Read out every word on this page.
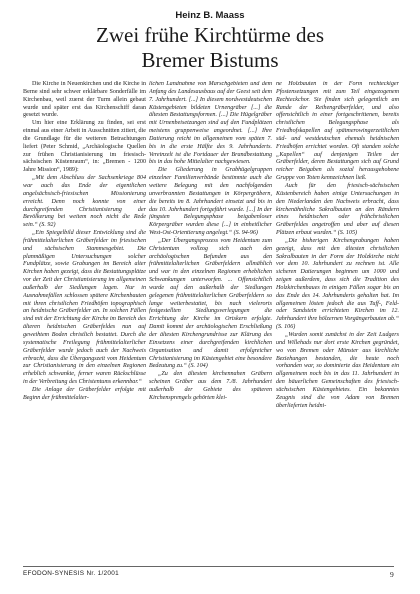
Heinz B. Maass
Zwei frühe Kirchtürme des
Bremer Bistums

Die Kirche in Neuenkirchen und die Kirche in Berne sind sehr schwer erklärbare Sonderfälle im Kirchenbau, weil zuerst der Turm allein gebaut wurde und später erst das Kirchenschiff daran gesetzt wurde.

Um hier eine Erklärung zu finden, sei erst einmal aus einer Arbeit in Ausschnitten zitiert, die die Grundlage für die weiteren Betrachtungen liefert (Peter Schmid, „Archäologische Quellen zur frühen Christianisierung im friesisch-sächsischen Küstenraum“, in: „Bremen - 1200 Jahre Mission“, 1989):

„Mit dem Abschluss der Sachsenkriege 804 war auch das Ende der eigentlichen angelsächsisch-friesischen Missionierung erreicht. Denn noch konnte von einer durchgreifenden Christianisierung der Bevölkerung bei weitem noch nicht die Rede sein.“ (S. 92)

„Ein Spiegelbild dieser Entwicklung sind die frühmittelalterlichen Gräberfelder im friesischen und sächsischen Stammesgebiet. Die planmäßigen Untersuchungen solcher Fundplätze, sowie Grabungen im Bereich alter Kirchen haben gezeigt, dass die Bestattungsplätze vor der Zeit der Christianisierung im allgemeinen außerhalb der Siedlungen lagen. Nur in Ausnahmefällen schlossen spätere Kirchenbauten mit ihren christlichen Friedhöfen topographisch an heidnische Gräberfelder an. In solchen Fällen sind mit der Errichtung der Kirche im Bereich des älteren heidnischen Gräberfeldes nun auf geweihtem Boden christlich bestattet. Durch die systematische Freilegung frühmittelalterlicher Gräberfelder wurde jedoch auch der Nachweis erbracht, dass die Übergangszeit vom Heidentum zur Christianisierung in den einzelnen Regionen erheblich schwankte, ferner waren Rückschlüsse in der Verbreitung des Christentums erkennbar.“

Die Anlage der Gräberfelder erfolgte mit Beginn der frühmittelalter-

lichen Landnahme von Marschgebieten und dem Anfang des Landesausbaus auf der Geest seit dem 7. Jahrhundert. [...] In diesem nordwestdeutschen Küstengebieten bildeten Urnengräber [...] die ältesten Bestattungsformen. [...] Die Hügelgräber mit Urnenbeisetzungen sind auf den Fundplätzen meistens gruppenweise angeordnet. [...] Ihre Datierung reicht im allgemeinen vom späten 7. bis in die erste Hälfte des 9. Jahrhunderts. Vereinzelt ist die Fortdauer der Brandbestattung bis in das hohe Mittelalter nachgewiesen.

Die Gliederung in Grabhügelgruppen einzelner Familienverbände bestimmte auch die weitere Belegung mit den nachfolgenden unverbrannten Bestattungen in Körpergräbern, die bereits im 8. Jahrhundert einsetzt und bis in das 10. Jahrhundert fortgeführt wurde. [...] In der jüngsten Belegungsphase beigabenloser Körpergräber wurden diese [...] in einheitlicher West-Ost-Orientierung angelegt.“ (S. 94-96)

„Der Übergangsprozess vom Heidentum zum Christentum vollzog sich auch den archäologischen Befunden aus den frühmittelalterlichen Gräberfeldern allmählich und war in den einzelnen Regionen erheblichen Schwankungen unterworfen. ... Offensichtlich wurde auf den außerhalb der Siedlungen gelegenen frühmittelalterlichen Gräberfeldern so lange weiterbestattet, bis nach vielerorts festgestellten Siedlungsverlegungen die Errichtung der Kirche im Ortskern erfolgte. Damit kommt der archäologischen Erschließung der ältesten Kirchengrundrisse zur Klärung des Einsetzens einer durchgreifenden kirchlichen Organisation und damit erfolgreicher Christianisierung im Küstengebiet eine besondere Bedeutung zu.“ (S. 104)

„Zu den ältesten kirchennahen Gräbern scheinen Gräber aus dem 7./8. Jahrhundert außerhalb der Gebiete des späteren Kirchensprengels gehörten klei-

ne Holzbauten in der Form rechteckiger Pfostensetzungen mit zum Teil eingezogenem Rechteckchor. Sie finden sich gelegentlich am Rande der Reihengräberfelder, und also offensichtlich in einer fortgeschrittenen, bereits christlichen Belegungsphase als Friedhofskapellen auf spätmerowingerzeitlichen süd- und westdeutschen ehemals heidnischen Friedhöfen errichtet worden. Oft standen solche „Kapellen“ auf denjenigen Teilen der Gräberfelder, deren Bestattungen sich auf Grund reicher Beigaben als sozial herausgehobene Gruppe von Toten kennzeichnen ließ.

Auch für den friesisch-sächsischen Küstenbereich haben einige Untersuchungen in den Niederlanden den Nachweis erbracht, dass kirchenähnliche Sakralbauten an den Rändern eines heidnischen oder frühchristlichen Gräberfeldes angetroffen und aber auf diesen Plätzen erbaut wurden.“ (S. 105)

„Die bisherigen Kirchengrabungen haben gezeigt, dass mit den ältesten christlichen Sakralbauten in der Form der Holzkirche nicht vor dem 10. Jahrhundert zu rechnen ist. Alle sicheren Datierungen beginnen um 1000 und zeigen außerdem, dass sich die Tradition des Holzkirchenbaues in einigen Fällen sogar bis an das Ende des 14. Jahrhunderts gehalten hat. Im allgemeinen lösten jedoch die aus Tuff-, Feld- oder Sandstein errichteten Kirchen im 12. Jahrhundert ihre hölzernen Vorgängerbauten ab.“ (S. 106)

„Wurden somit zunächst in der Zeit Ludgers und Willehads nur dort erste Kirchen gegründet, wo von Bremen oder Münster aus kirchliche Beziehungen bestanden, die heute noch vorhanden war, so dominierte das Heidentum ein allgemeinem noch bis in das 11. Jahrhundert in den bäuerlichen Gemeinschaften des friesisch-sächsischen Küstengebietes. Ein bekanntes Zeugnis sind die von Adam von Bremen überlieferten heidni-

EFODON-SYNESIS Nr. 1/2001	9
